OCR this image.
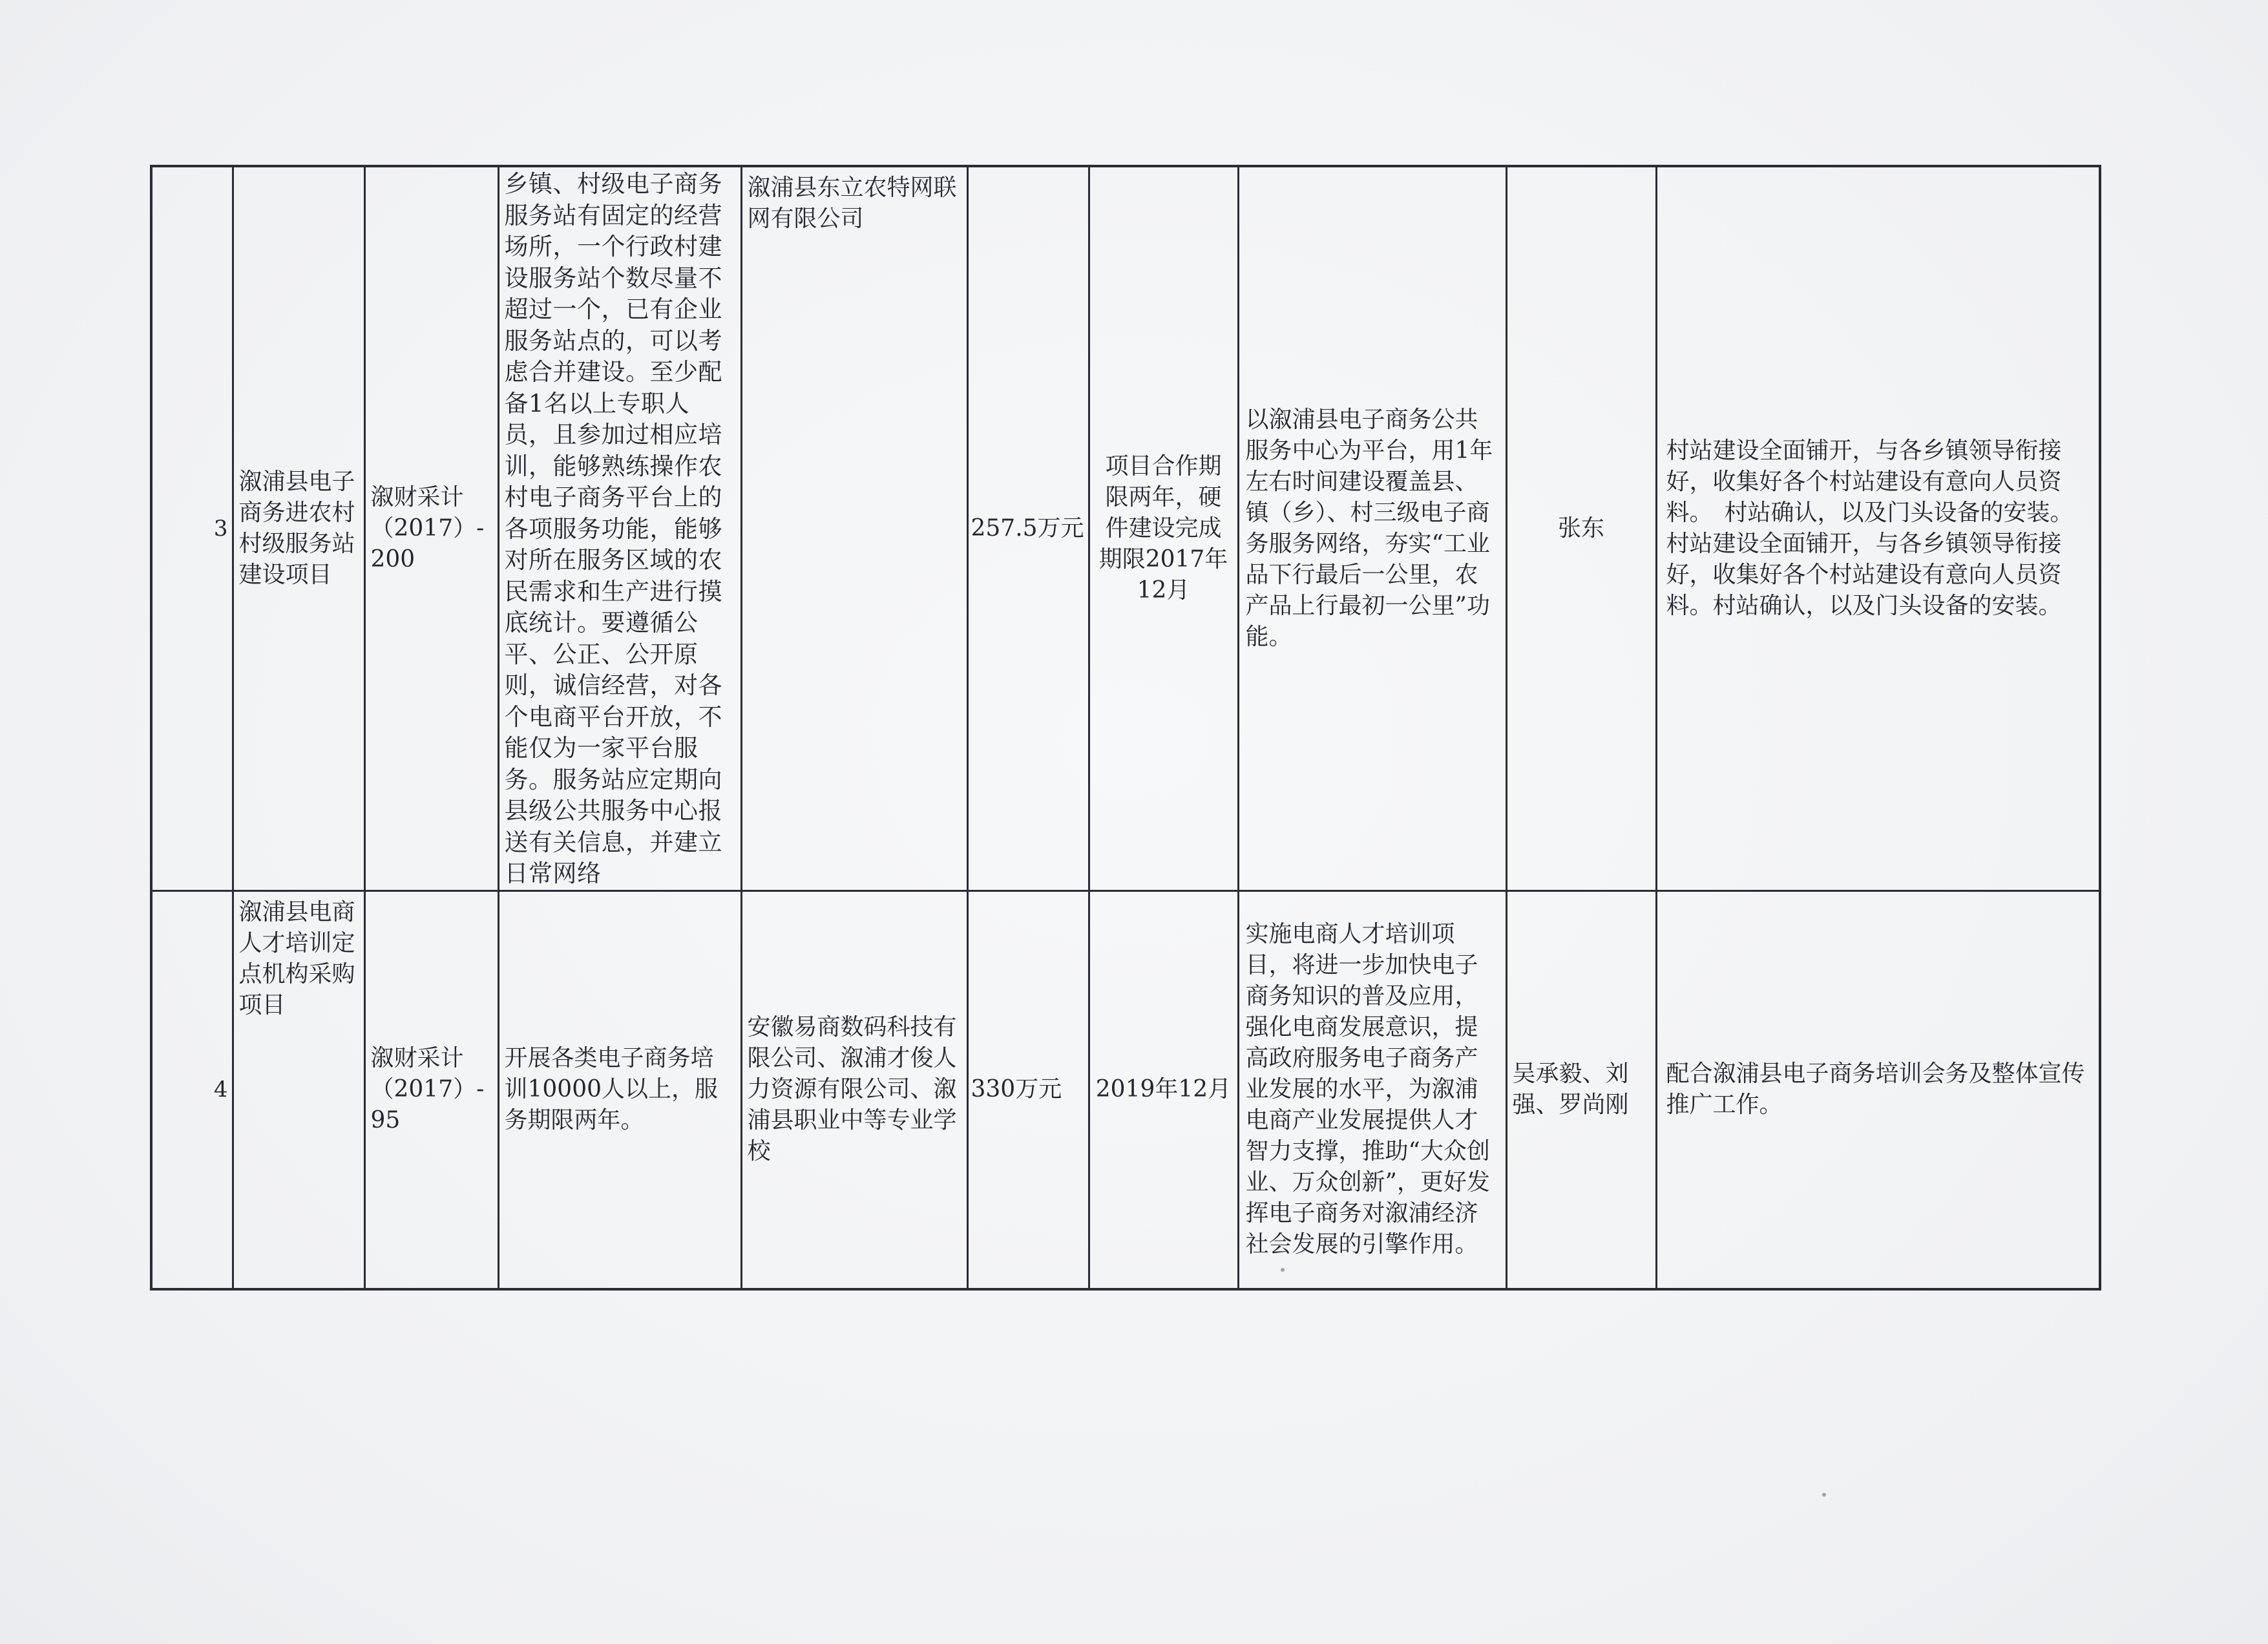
3	溆浦县电子商务进农村村级服务站建设项目	溆财采计（2017）-200	乡镇、村级电子商务服务站有固定的经营场所，一个行政村建设服务站个数尽量不超过一个，已有企业服务站点的，可以考虑合并建设。至少配备1名以上专职人员，且参加过相应培训，能够熟练操作农村电子商务平台上的各项服务功能，能够对所在服务区域的农民需求和生产进行摸底统计。要遵循公平、公正、公开原则，诚信经营，对各个电商平台开放，不能仅为一家平台服务。服务站应定期向县级公共服务中心报送有关信息，并建立日常网络	溆浦县东立农特网联网有限公司	257.5万元	项目合作期限两年，硬件建设完成期限2017年12月	以溆浦县电子商务公共服务中心为平台，用1年左右时间建设覆盖县、镇（乡）、村三级电子商务服务网络，夯实“工业品下行最后一公里，农产品上行最初一公里”功能。	张东	村站建设全面铺开，与各乡镇领导衔接好，收集好各个村站建设有意向人员资料。　村站确认，以及门头设备的安装。村站建设全面铺开，与各乡镇领导衔接好，收集好各个村站建设有意向人员资料。村站确认，以及门头设备的安装。

4	溆浦县电商人才培训定点机构采购项目	溆财采计（2017）-95	开展各类电子商务培训10000人以上，服务期限两年。	安徽易商数码科技有限公司、溆浦才俊人力资源有限公司、溆浦县职业中等专业学校	330万元	2019年12月	实施电商人才培训项目，将进一步加快电子商务知识的普及应用，强化电商发展意识，提高政府服务电子商务产业发展的水平，为溆浦电商产业发展提供人才智力支撑，推助“大众创业、万众创新”，更好发挥电子商务对溆浦经济社会发展的引擎作用。	吴承毅、刘强、罗尚刚	配合溆浦县电子商务培训会务及整体宣传推广工作。
